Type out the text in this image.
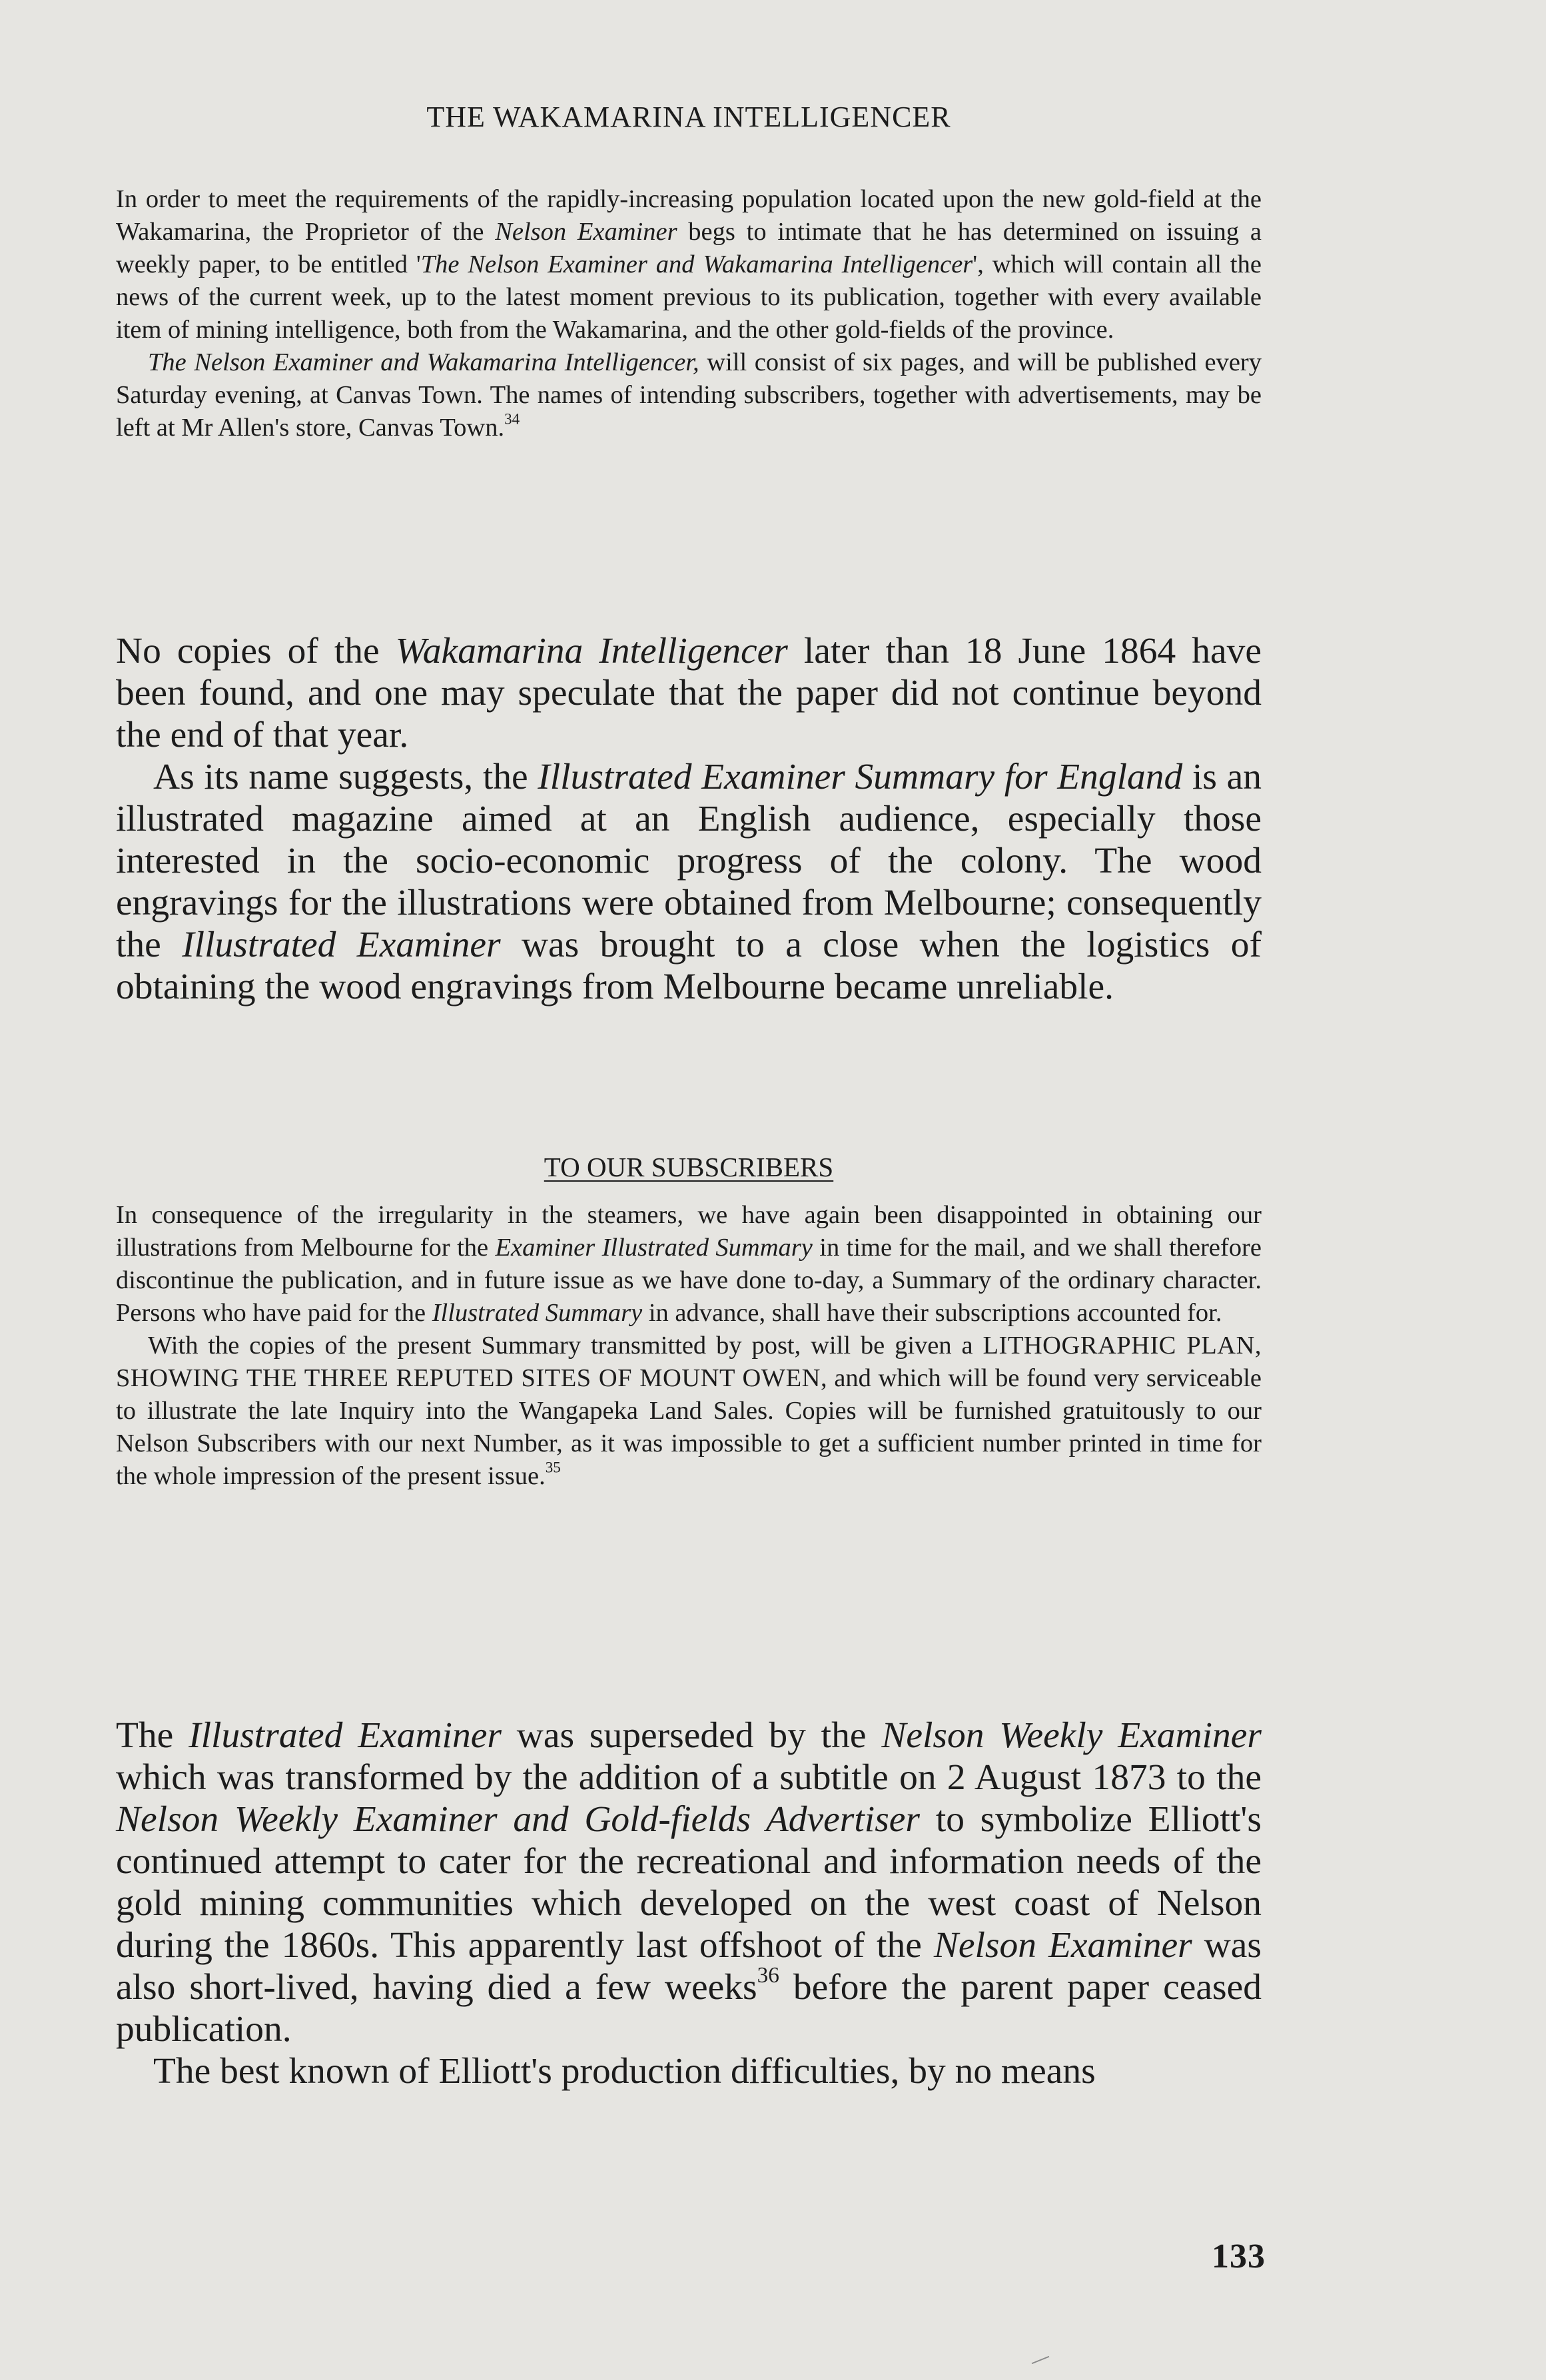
THE WAKAMARINA INTELLIGENCER

In order to meet the requirements of the rapidly-increasing population located upon the new gold-field at the Wakamarina, the Proprietor of the Nelson Examiner begs to intimate that he has determined on issuing a weekly paper, to be entitled 'The Nelson Examiner and Wakamarina Intelligencer', which will contain all the news of the current week, up to the latest moment previous to its publication, together with every available item of mining intelligence, both from the Wakamarina, and the other gold-fields of the province.

The Nelson Examiner and Wakamarina Intelligencer, will consist of six pages, and will be published every Saturday evening, at Canvas Town. The names of intending subscribers, together with advertisements, may be left at Mr Allen's store, Canvas Town.$^{34}$

No copies of the Wakamarina Intelligencer later than 18 June 1864 have been found, and one may speculate that the paper did not continue beyond the end of that year.

As its name suggests, the Illustrated Examiner Summary for England is an illustrated magazine aimed at an English audience, especially those interested in the socio-economic progress of the colony. The wood engravings for the illustrations were obtained from Melbourne; consequently the Illustrated Examiner was brought to a close when the logistics of obtaining the wood engravings from Melbourne became unreliable.

TO OUR SUBSCRIBERS

In consequence of the irregularity in the steamers, we have again been disappointed in obtaining our illustrations from Melbourne for the Examiner Illustrated Summary in time for the mail, and we shall therefore discontinue the publication, and in future issue as we have done to-day, a Summary of the ordinary character. Persons who have paid for the Illustrated Summary in advance, shall have their subscriptions accounted for.

With the copies of the present Summary transmitted by post, will be given a LITHOGRAPHIC PLAN, SHOWING THE THREE REPUTED SITES OF MOUNT OWEN, and which will be found very serviceable to illustrate the late Inquiry into the Wangapeka Land Sales. Copies will be furnished gratuitously to our Nelson Subscribers with our next Number, as it was impossible to get a sufficient number printed in time for the whole impression of the present issue.$^{35}$

The Illustrated Examiner was superseded by the Nelson Weekly Examiner which was transformed by the addition of a subtitle on 2 August 1873 to the Nelson Weekly Examiner and Gold-fields Advertiser to symbolize Elliott's continued attempt to cater for the recreational and information needs of the gold mining communities which developed on the west coast of Nelson during the 1860s. This apparently last offshoot of the Nelson Examiner was also short-lived, having died a few weeks$^{36}$ before the parent paper ceased publication.

The best known of Elliott's production difficulties, by no means

133
